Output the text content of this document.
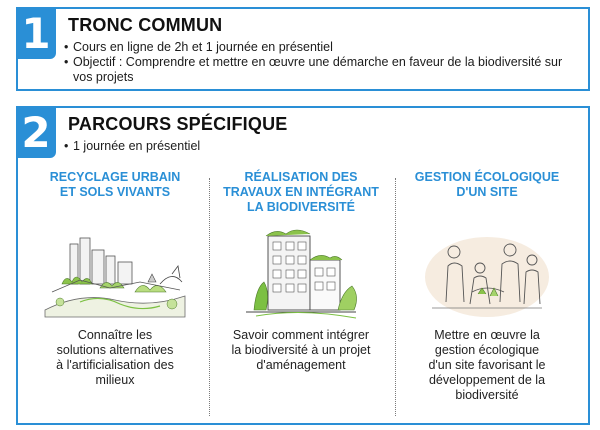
1 TRONC COMMUN
• Cours en ligne de 2h et 1 journée en présentiel
• Objectif : Comprendre et mettre en œuvre une démarche en faveur de la biodiversité sur vos projets
2 PARCOURS SPÉCIFIQUE
• 1 journée en présentiel
RECYCLAGE URBAIN
ET SOLS VIVANTS
Connaître les
solutions alternatives
à l'artificialisation des
milieux
RÉALISATION DES
TRAVAUX EN INTÉGRANT
LA BIODIVERSITÉ
Savoir comment intégrer
la biodiversité à un projet
d'aménagement
GESTION ÉCOLOGIQUE
D'UN SITE
Mettre en œuvre la
gestion écologique
d'un site favorisant le
développement de la
biodiversité
